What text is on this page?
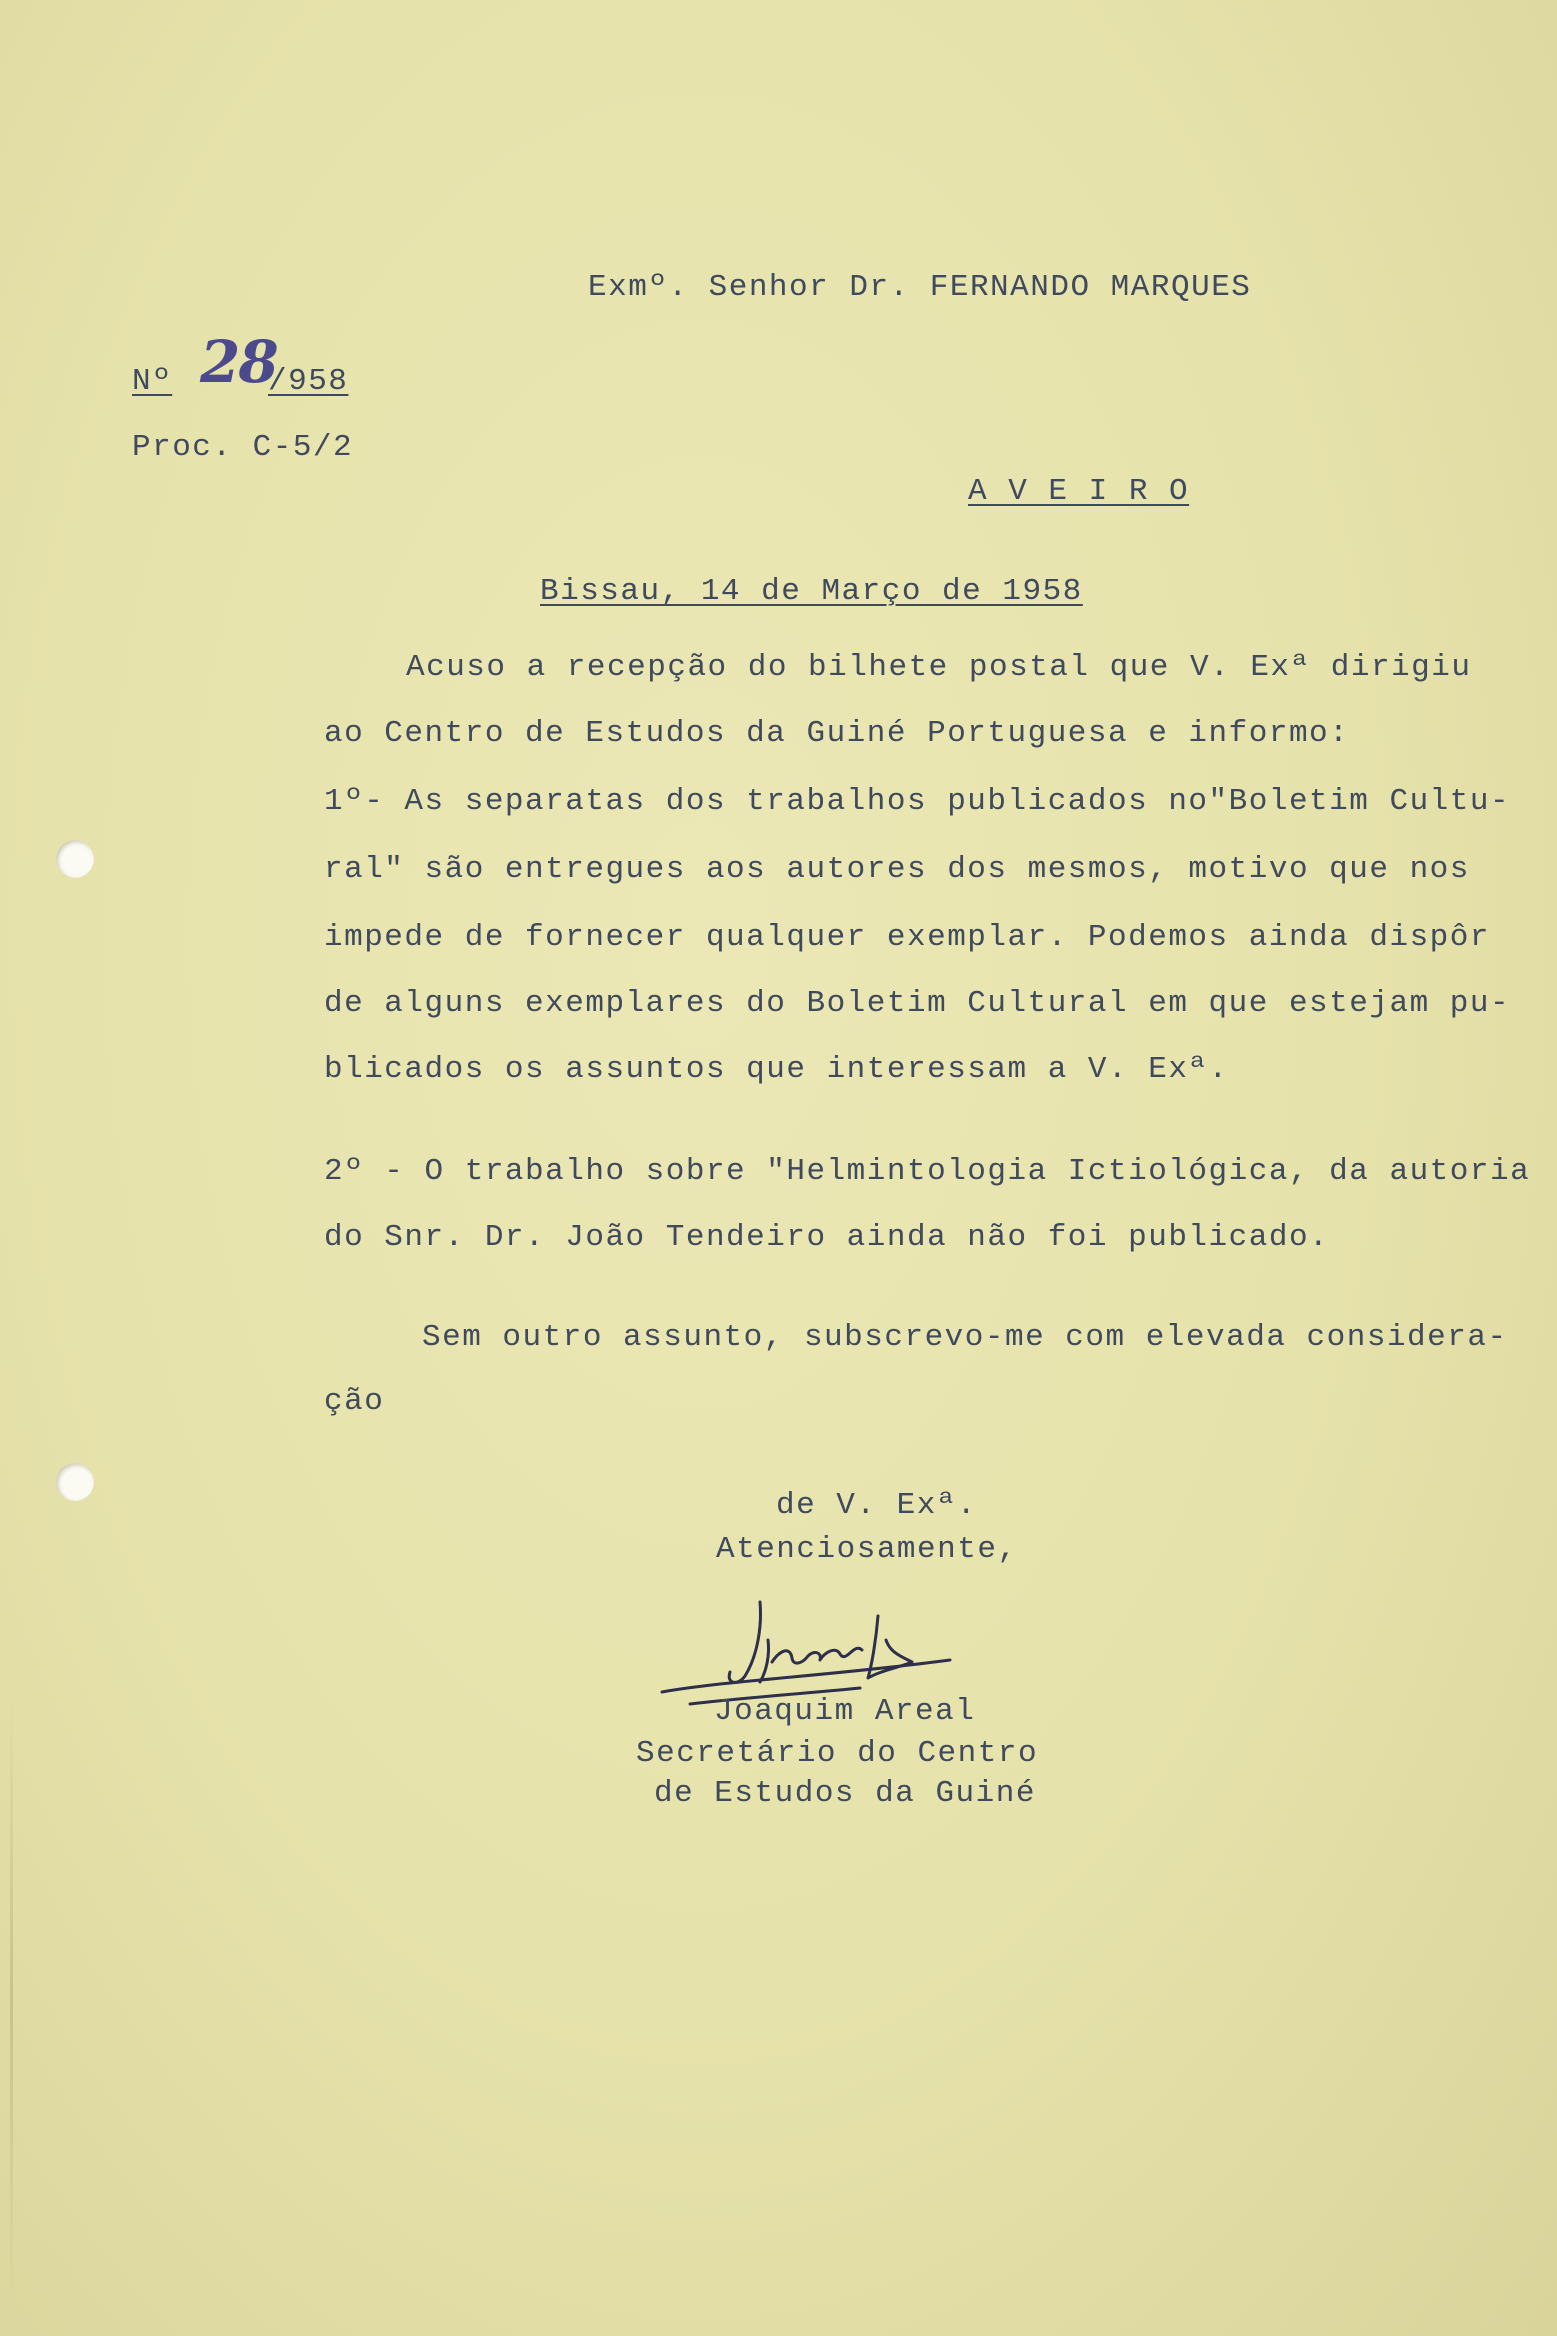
Exmº. Senhor Dr. FERNANDO MARQUES
Nº 28
/958
Proc. C-5/2
A V E I R O
Bissau, 14 de Março de 1958
Acuso a recepção do bilhete postal que V. Exª dirigiu
ao Centro de Estudos da Guiné Portuguesa e informo:
1º- As separatas dos trabalhos publicados no"Boletim Cultu-
ral" são entregues aos autores dos mesmos, motivo que nos
impede de fornecer qualquer exemplar. Podemos ainda dispôr
de alguns exemplares do Boletim Cultural em que estejam pu-
blicados os assuntos que interessam a V. Exª.
2º - O trabalho sobre "Helmintologia Ictiológica, da autoria
do Snr. Dr. João Tendeiro ainda não foi publicado.
Sem outro assunto, subscrevo-me com elevada considera-
ção
de V. Exª.
Atenciosamente,
Joaquim Areal
Secretário do Centro
de Estudos da Guiné
